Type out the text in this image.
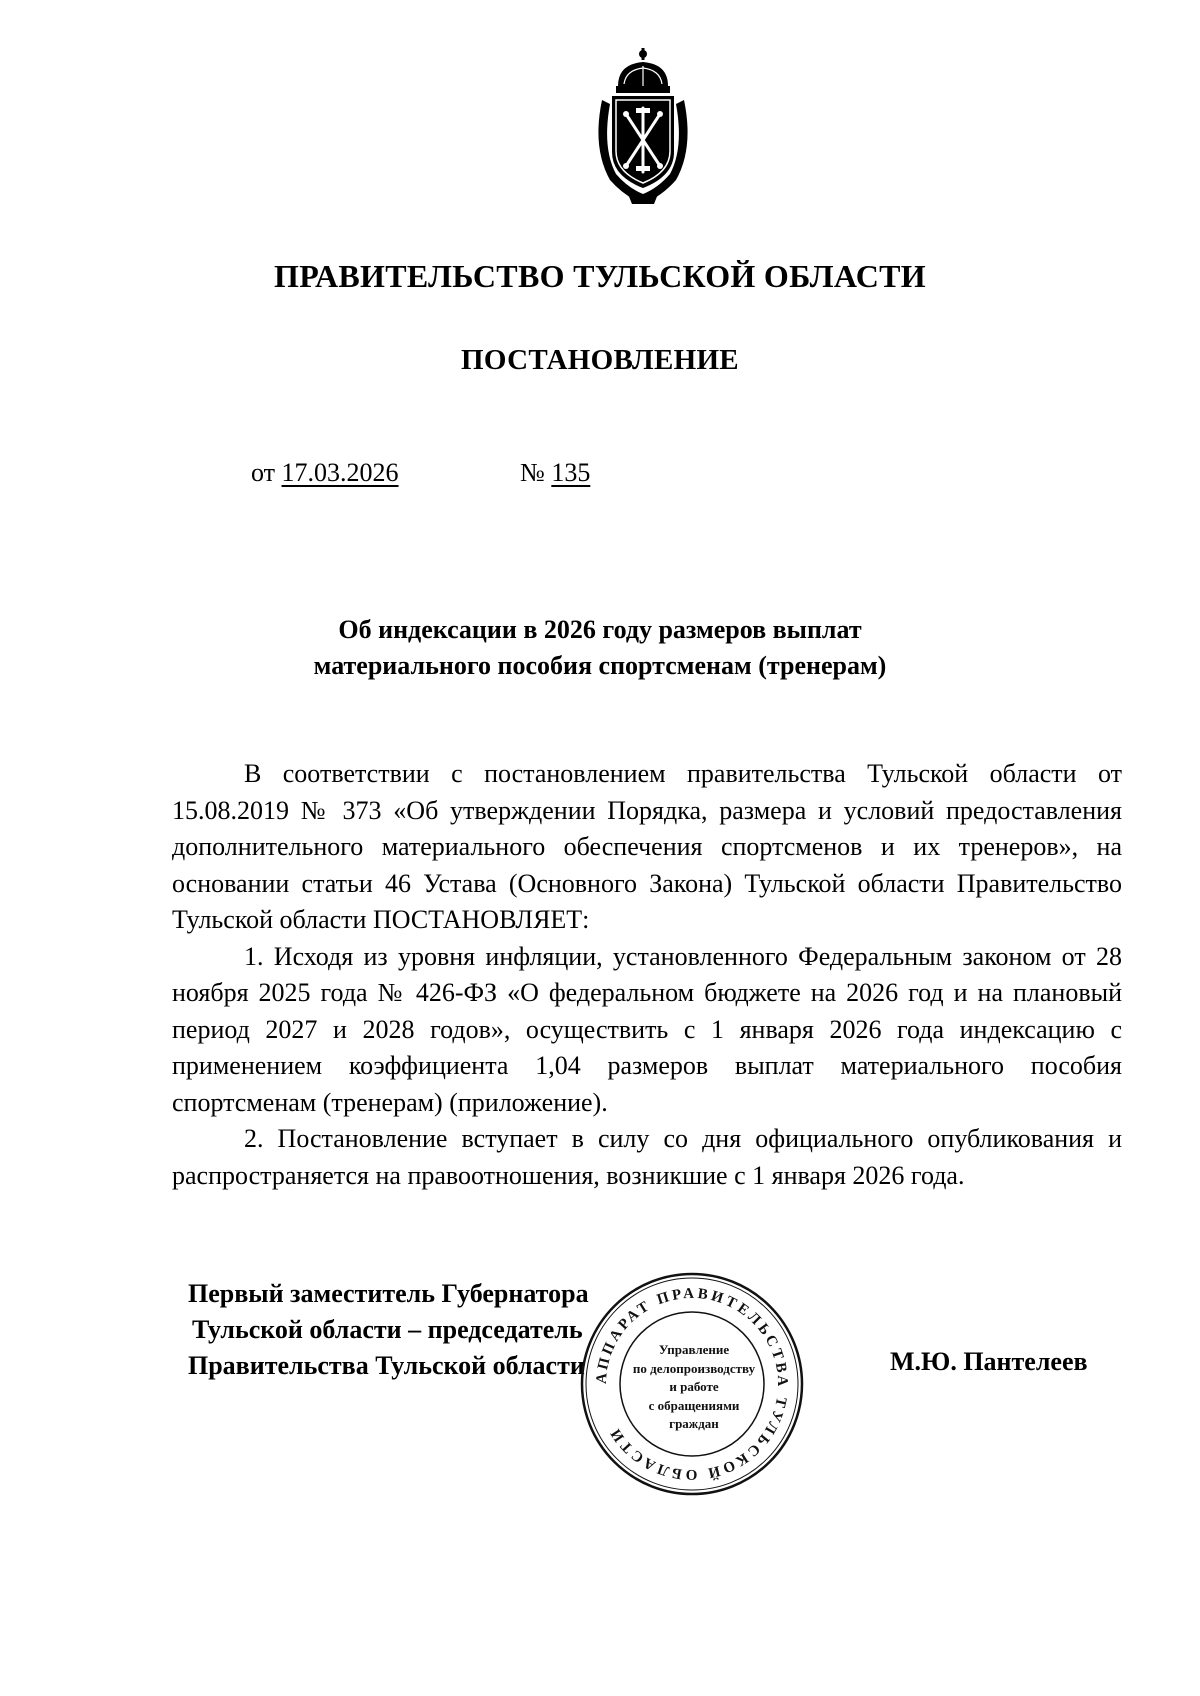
ПРАВИТЕЛЬСТВО ТУЛЬСКОЙ ОБЛАСТИ
ПОСТАНОВЛЕНИЕ
от 17.03.2026	№ 135
Об индексации в 2026 году размеров выплат
материального пособия спортсменам (тренерам)

В соответствии с постановлением правительства Тульской области от 15.08.2019 № 373 «Об утверждении Порядка, размера и условий предоставления дополнительного материального обеспечения спортсменов и их тренеров», на основании статьи 46 Устава (Основного Закона) Тульской области Правительство Тульской области ПОСТАНОВЛЯЕТ:

1. Исходя из уровня инфляции, установленного Федеральным законом от 28 ноября 2025 года № 426-ФЗ «О федеральном бюджете на 2026 год и на плановый период 2027 и 2028 годов», осуществить с 1 января 2026 года индексацию с применением коэффициента 1,04 размеров выплат материального пособия спортсменам (тренерам) (приложение).

2. Постановление вступает в силу со дня официального опубликования и распространяется на правоотношения, возникшие с 1 января 2026 года.

Первый заместитель Губернатора
Тульской области – председатель
Правительства Тульской области	М.Ю. Пантелеев
АППАРАТ ПРАВИТЕЛЬСТВА ТУЛЬСКОЙ ОБЛАСТИ
Управление
по делопроизводству
и работе
с обращениями
граждан
